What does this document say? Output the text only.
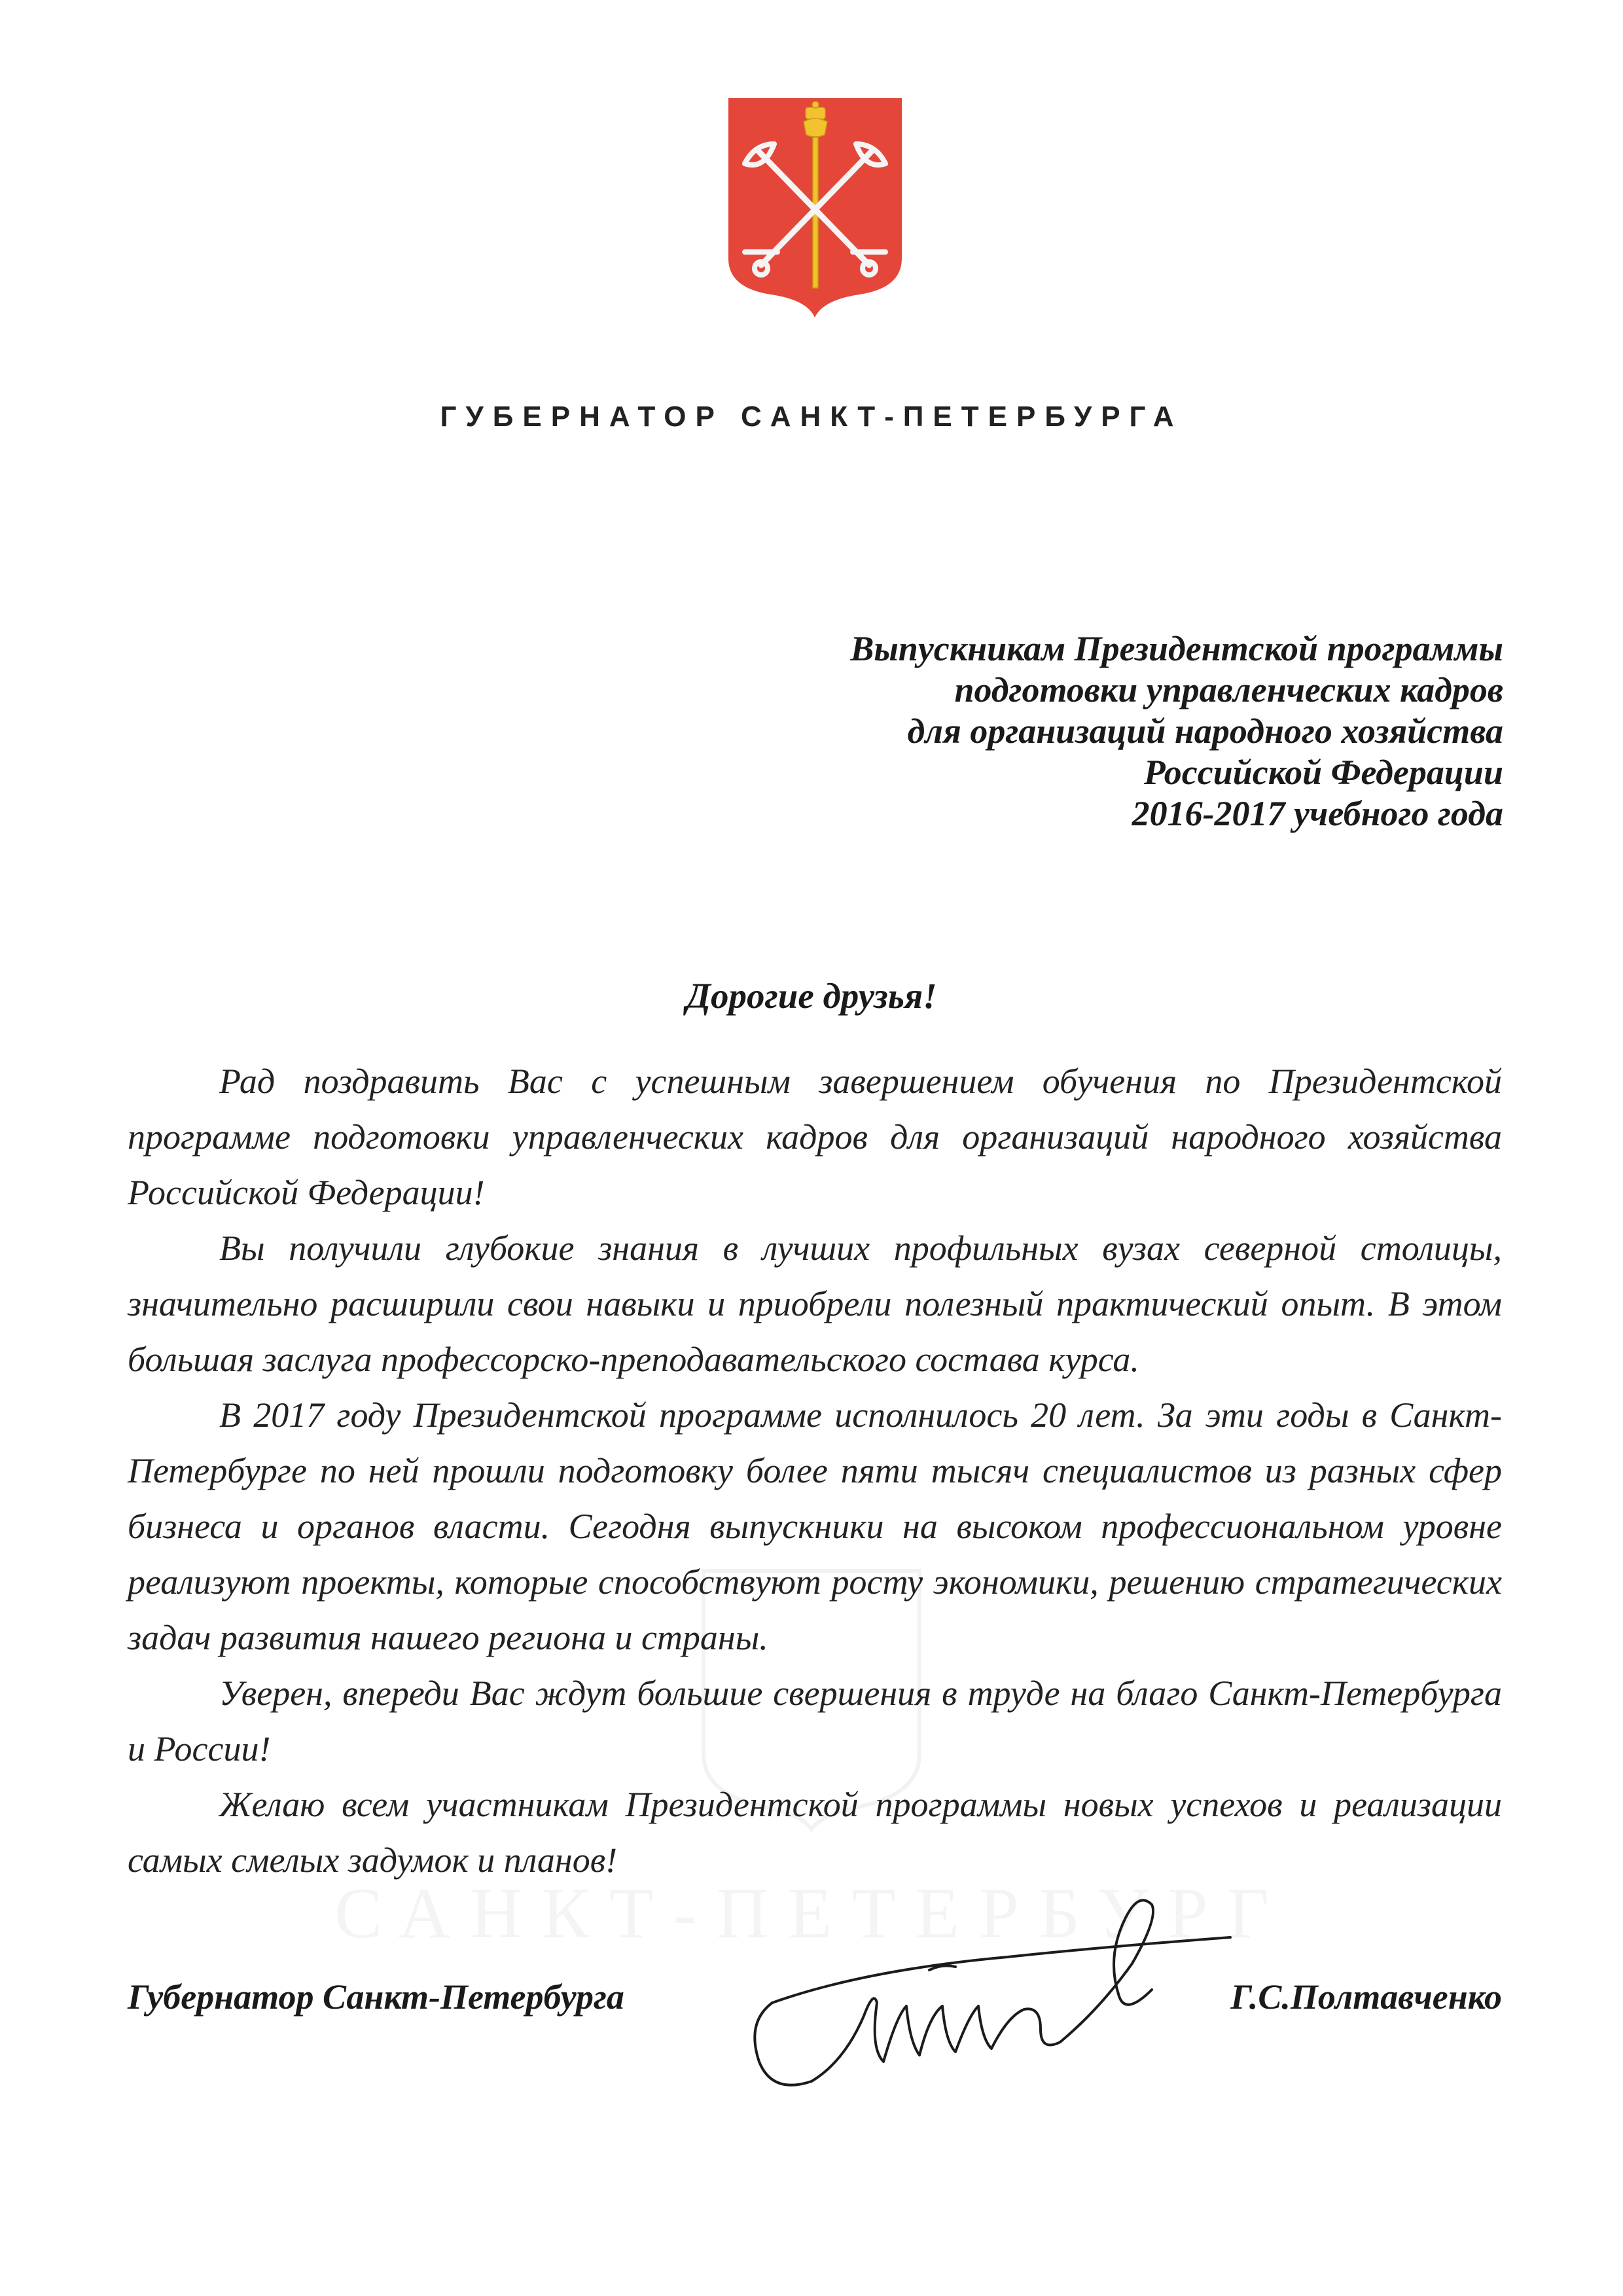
ГУБЕРНАТОР САНКТ-ПЕТЕРБУРГА
Выпускникам Президентской программы
подготовки управленческих кадров
для организаций народного хозяйства
Российской Федерации
2016-2017 учебного года
Дорогие друзья!

Рад поздравить Вас с успешным завершением обучения по Президентской программе подготовки управленческих кадров для организаций народного хозяйства Российской Федерации!

Вы получили глубокие знания в лучших профильных вузах северной столицы, значительно расширили свои навыки и приобрели полезный практический опыт. В этом большая заслуга профессорско-преподавательского состава курса.

В 2017 году Президентской программе исполнилось 20 лет. За эти годы в Санкт-Петербурге по ней прошли подготовку более пяти тысяч специалистов из разных сфер бизнеса и органов власти. Сегодня выпускники на высоком профессиональном уровне реализуют проекты, которые способствуют росту экономики, решению стратегических задач развития нашего региона и страны.

Уверен, впереди Вас ждут большие свершения в труде на благо Санкт-Петербурга и России!

Желаю всем участникам Президентской программы новых успехов и реализации самых смелых задумок и планов!

Губернатор Санкт-Петербурга	Г.С.Полтавченко
